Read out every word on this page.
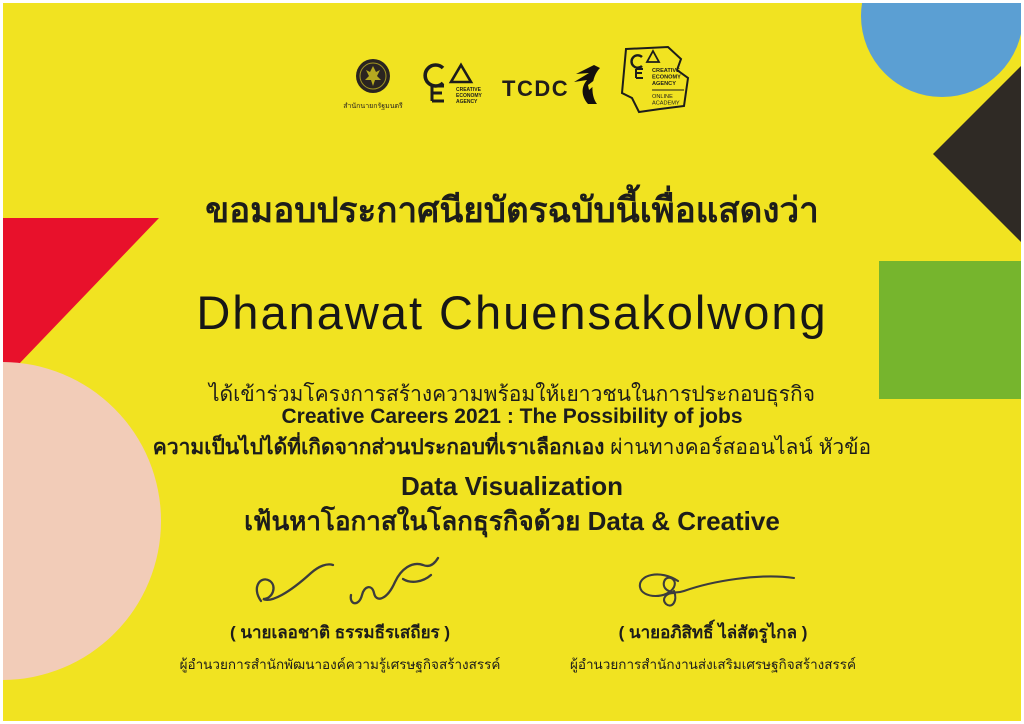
สำนักนายกรัฐมนตรี
CREATIVE
ECONOMY
AGENCY
TCDC
CREATIVE
ECONOMY
AGENCY
ONLINE
ACADEMY
ขอมอบประกาศนียบัตรฉบับนี้เพื่อแสดงว่า
Dhanawat Chuensakolwong
ได้เข้าร่วมโครงการสร้างความพร้อมให้เยาวชนในการประกอบธุรกิจ
Creative Careers 2021 : The Possibility of jobs
ความเป็นไปได้ที่เกิดจากส่วนประกอบที่เราเลือกเอง ผ่านทางคอร์สออนไลน์ หัวข้อ
Data Visualization
เฟ้นหาโอกาสในโลกธุรกิจด้วย Data & Creative
( นายเลอชาติ ธรรมธีรเสถียร )
ผู้อำนวยการสำนักพัฒนาองค์ความรู้เศรษฐกิจสร้างสรรค์
( นายอภิสิทธิ์ ไล่สัตรูไกล )
ผู้อำนวยการสำนักงานส่งเสริมเศรษฐกิจสร้างสรรค์
